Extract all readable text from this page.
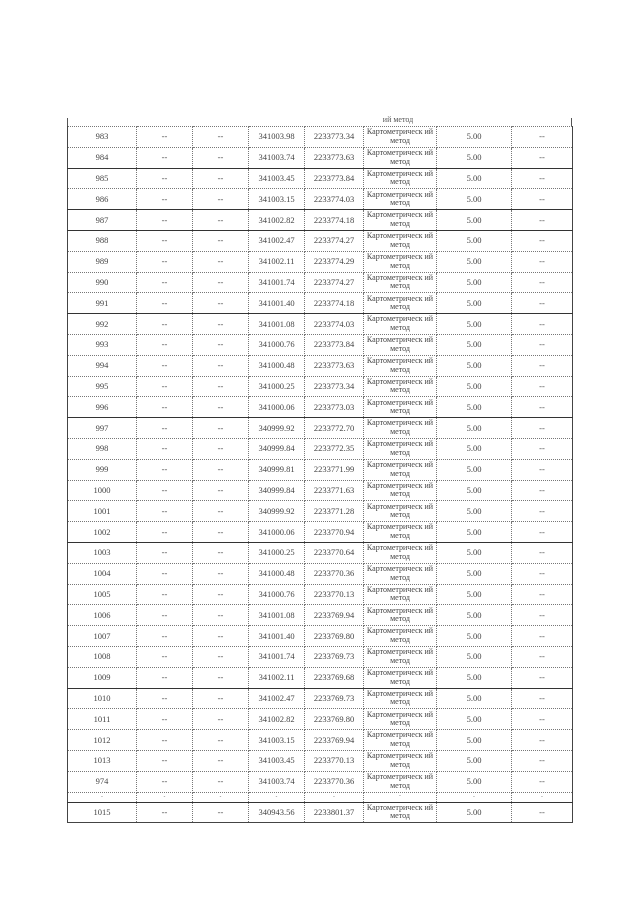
ий метод
983	--	--	341003.98	2233773.34	Картометрическ ий метод	5.00	--
984	--	--	341003.74	2233773.63	Картометрическ ий метод	5.00	--
985	--	--	341003.45	2233773.84	Картометрическ ий метод	5.00	--
986	--	--	341003.15	2233774.03	Картометрическ ий метод	5.00	--
987	--	--	341002.82	2233774.18	Картометрическ ий метод	5.00	--
988	--	--	341002.47	2233774.27	Картометрическ ий метод	5.00	--
989	--	--	341002.11	2233774.29	Картометрическ ий метод	5.00	--
990	--	--	341001.74	2233774.27	Картометрическ ий метод	5.00	--
991	--	--	341001.40	2233774.18	Картометрическ ий метод	5.00	--
992	--	--	341001.08	2233774.03	Картометрическ ий метод	5.00	--
993	--	--	341000.76	2233773.84	Картометрическ ий метод	5.00	--
994	--	--	341000.48	2233773.63	Картометрическ ий метод	5.00	--
995	--	--	341000.25	2233773.34	Картометрическ ий метод	5.00	--
996	--	--	341000.06	2233773.03	Картометрическ ий метод	5.00	--
997	--	--	340999.92	2233772.70	Картометрическ ий метод	5.00	--
998	--	--	340999.84	2233772.35	Картометрическ ий метод	5.00	--
999	--	--	340999.81	2233771.99	Картометрическ ий метод	5.00	--
1000	--	--	340999.84	2233771.63	Картометрическ ий метод	5.00	--
1001	--	--	340999.92	2233771.28	Картометрическ ий метод	5.00	--
1002	--	--	341000.06	2233770.94	Картометрическ ий метод	5.00	--
1003	--	--	341000.25	2233770.64	Картометрическ ий метод	5.00	--
1004	--	--	341000.48	2233770.36	Картометрическ ий метод	5.00	--
1005	--	--	341000.76	2233770.13	Картометрическ ий метод	5.00	--
1006	--	--	341001.08	2233769.94	Картометрическ ий метод	5.00	--
1007	--	--	341001.40	2233769.80	Картометрическ ий метод	5.00	--
1008	--	--	341001.74	2233769.73	Картометрическ ий метод	5.00	--
1009	--	--	341002.11	2233769.68	Картометрическ ий метод	5.00	--
1010	--	--	341002.47	2233769.73	Картометрическ ий метод	5.00	--
1011	--	--	341002.82	2233769.80	Картометрическ ий метод	5.00	--
1012	--	--	341003.15	2233769.94	Картометрическ ий метод	5.00	--
1013	--	--	341003.45	2233770.13	Картометрическ ий метод	5.00	--
974	--	--	341003.74	2233770.36	Картометрическ ий метод	5.00	--
-	-	-	-	-	-	-	-
1015	--	--	340943.56	2233801.37	Картометрическ ий метод	5.00	--
